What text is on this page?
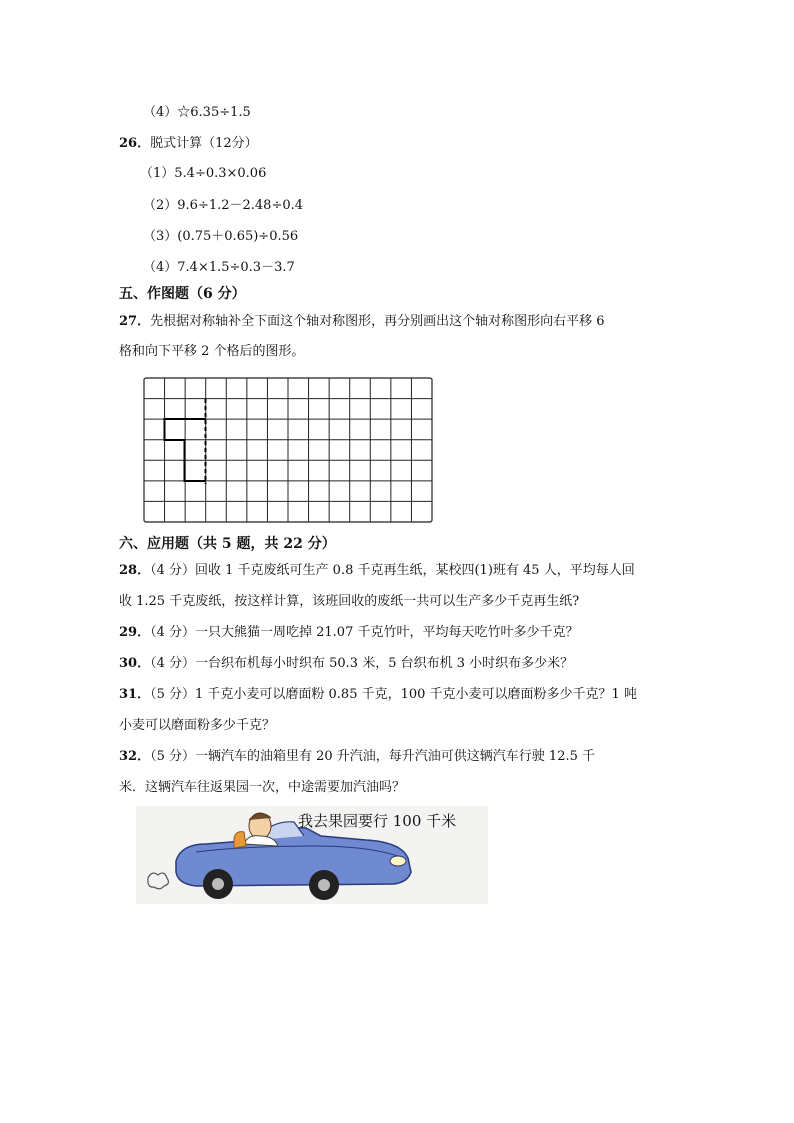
（4）☆6.35÷1.5
26．脱式计算（12分）
（1）5.4÷0.3×0.06
（2）9.6÷1.2－2.48÷0.4
（3）(0.75＋0.65)÷0.56
（4）7.4×1.5÷0.3－3.7
五、作图题（6 分）
27．先根据对称轴补全下面这个轴对称图形，再分别画出这个轴对称图形向右平移 6
格和向下平移 2 个格后的图形。
六、应用题（共 5 题，共 22 分）
28．（4 分）回收 1 千克废纸可生产 0.8 千克再生纸，某校四(1)班有 45 人，平均每人回
收 1.25 千克废纸，按这样计算，该班回收的废纸一共可以生产多少千克再生纸?
29．（4 分）一只大熊猫一周吃掉 21.07 千克竹叶，平均每天吃竹叶多少千克？
30．（4 分）一台织布机每小时织布 50.3 米，5 台织布机 3 小时织布多少米？
31．（5 分）1 千克小麦可以磨面粉 0.85 千克，100 千克小麦可以磨面粉多少千克？1 吨
小麦可以磨面粉多少千克？
32．（5 分）一辆汽车的油箱里有 20 升汽油，每升汽油可供这辆汽车行驶 12.5 千
米．这辆汽车往返果园一次，中途需要加汽油吗？
我去果园要行 100 千米
